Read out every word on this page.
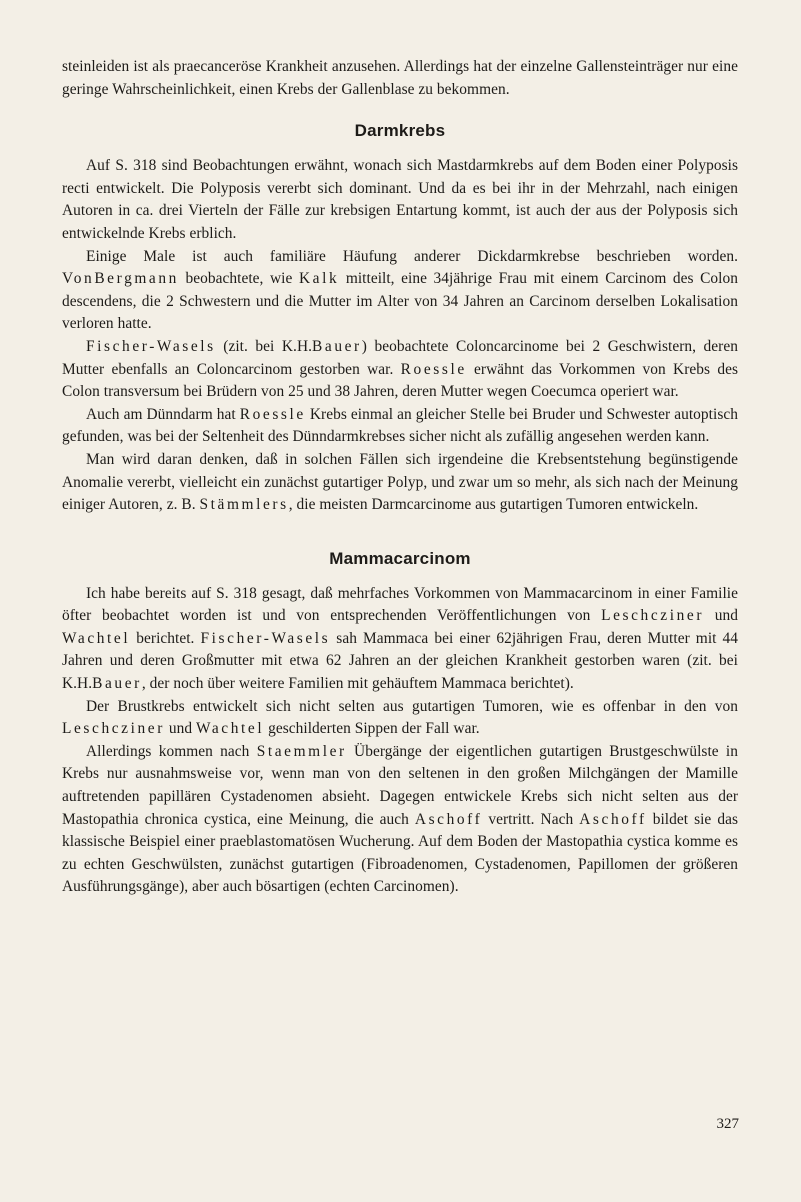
steinleiden ist als praecanceröse Krankheit anzusehen. Allerdings hat der einzelne Gallensteinträger nur eine geringe Wahrscheinlichkeit, einen Krebs der Gallenblase zu bekommen.

Darmkrebs

Auf S. 318 sind Beobachtungen erwähnt, wonach sich Mastdarmkrebs auf dem Boden einer Polyposis recti entwickelt. Die Polyposis vererbt sich dominant. Und da es bei ihr in der Mehrzahl, nach einigen Autoren in ca. drei Vierteln der Fälle zur krebsigen Entartung kommt, ist auch der aus der Polyposis sich entwickelnde Krebs erblich.

Einige Male ist auch familiäre Häufung anderer Dickdarmkrebse beschrieben worden. VonBergmann beobachtete, wie Kalk mitteilt, eine 34jährige Frau mit einem Carcinom des Colon descendens, die 2 Schwestern und die Mutter im Alter von 34 Jahren an Carcinom derselben Lokalisation verloren hatte.

Fischer-Wasels (zit. bei K.H.Bauer) beobachtete Coloncarcinome bei 2 Geschwistern, deren Mutter ebenfalls an Coloncarcinom gestorben war. Roessle erwähnt das Vorkommen von Krebs des Colon transversum bei Brüdern von 25 und 38 Jahren, deren Mutter wegen Coecumca operiert war.

Auch am Dünndarm hat Roessle Krebs einmal an gleicher Stelle bei Bruder und Schwester autoptisch gefunden, was bei der Seltenheit des Dünndarmkrebses sicher nicht als zufällig angesehen werden kann.

Man wird daran denken, daß in solchen Fällen sich irgendeine die Krebsentstehung begünstigende Anomalie vererbt, vielleicht ein zunächst gutartiger Polyp, und zwar um so mehr, als sich nach der Meinung einiger Autoren, z. B. Stämmlers, die meisten Darmcarcinome aus gutartigen Tumoren entwickeln.

Mammacarcinom

Ich habe bereits auf S. 318 gesagt, daß mehrfaches Vorkommen von Mammacarcinom in einer Familie öfter beobachtet worden ist und von entsprechenden Veröffentlichungen von Leschcziner und Wachtel berichtet. Fischer-Wasels sah Mammaca bei einer 62jährigen Frau, deren Mutter mit 44 Jahren und deren Großmutter mit etwa 62 Jahren an der gleichen Krankheit gestorben waren (zit. bei K.H.Bauer, der noch über weitere Familien mit gehäuftem Mammaca berichtet).

Der Brustkrebs entwickelt sich nicht selten aus gutartigen Tumoren, wie es offenbar in den von Leschcziner und Wachtel geschilderten Sippen der Fall war.

Allerdings kommen nach Staemmler Übergänge der eigentlichen gutartigen Brustgeschwülste in Krebs nur ausnahmsweise vor, wenn man von den seltenen in den großen Milchgängen der Mamille auftretenden papillären Cystadenomen absieht. Dagegen entwickele Krebs sich nicht selten aus der Mastopathia chronica cystica, eine Meinung, die auch Aschoff vertritt. Nach Aschoff bildet sie das klassische Beispiel einer praeblastomatösen Wucherung. Auf dem Boden der Mastopathia cystica komme es zu echten Geschwülsten, zunächst gutartigen (Fibroadenomen, Cystadenomen, Papillomen der größeren Ausführungsgänge), aber auch bösartigen (echten Carcinomen).

327
